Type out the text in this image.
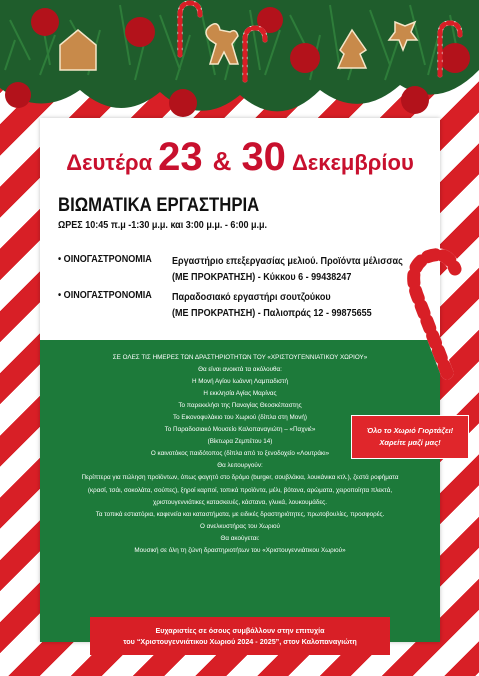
Δευτέρα 23 & 30 Δεκεμβρίου
ΒΙΩΜΑΤΙΚΑ ΕΡΓΑΣΤΗΡΙΑ
ΩΡΕΣ 10:45 π.μ -1:30 μ.μ. και 3:00 μ.μ. - 6:00 μ.μ.
• ΟΙΝΟΓΑΣΤΡΟΝΟΜΙΑ Εργαστήριο επεξεργασίας μελιού. Προϊόντα μέλισσας
(ΜΕ ΠΡΟΚΡΑΤΗΣΗ) - Κύκκου 6 - 99438247
• ΟΙΝΟΓΑΣΤΡΟΝΟΜΙΑ Παραδοσιακό εργαστήρι σουτζούκου
(ΜΕ ΠΡΟΚΡΑΤΗΣΗ) - Παλιοπράς 12 - 99875655
ΣΕ ΟΛΕΣ ΤΙΣ ΗΜΕΡΕΣ ΤΩΝ ΔΡΑΣΤΗΡΙΟΤΗΤΩΝ ΤΟΥ «ΧΡΙΣΤΟΥΓΕΝΝΙΑΤΙΚΟΥ ΧΩΡΙΟΥ»
Θα είναι ανοικτά τα ακόλουθα:
Η Μονή Αγίου Ιωάννη Λαμπαδιστή
Η εκκλησία Αγίας Μαρίνας
Το παρεκκλήσι της Παναγίας Θεοσκέπαστης
Το Εικονοφυλάκιο του Χωριού (δίπλα στη Μονή)
Το Παραδοσιακό Μουσείο Καλοπαναγιώτη – «Παχνιέ»
(Βίκτωρα Ζεμπέτου 14)
Ο καινοτόκος παιδότοπος (δίπλα από το ξενοδοχείο «Λουτράκι»
Θα λειτουργούν:
Περίπτερα για πώληση προϊόντων, όπως φαγητό στο δρόμο (burger, σουβλάκια, λουκάνικα κτλ.), ζεστά ροφήματα
(κρασί, τσάι, σοκολάτα, σούπες), ξηροί καρποί, τοπικά προϊόντα, μέλι, βότανα, αρώματα, χειροποίητα πλεκτά,
χριστουγεννιάτικες κατασκευές, κάστανα, γλυκά, λουκουμάδες.
Τα τοπικά εστιατόρια, καφενεία και καταστήματα, με ειδικές δραστηριότητες, πρωτοβουλίες, προσφορές.
Ο ανελκυστήρας του Χωριού
Θα ακούγεται:
Μουσική σε όλη τη ζώνη δραστηριοτήτων του «Χριστουγεννιάτικου Χωριού»
Όλο το Χωριό Γιορτάζει!
Χαρείτε μαζί μας!
Ευχαριστίες σε όσους συμβάλλουν στην επιτυχία
του “Χριστουγεννιάτικου Χωριού 2024 - 2025”, στον Καλοπαναγιώτη
